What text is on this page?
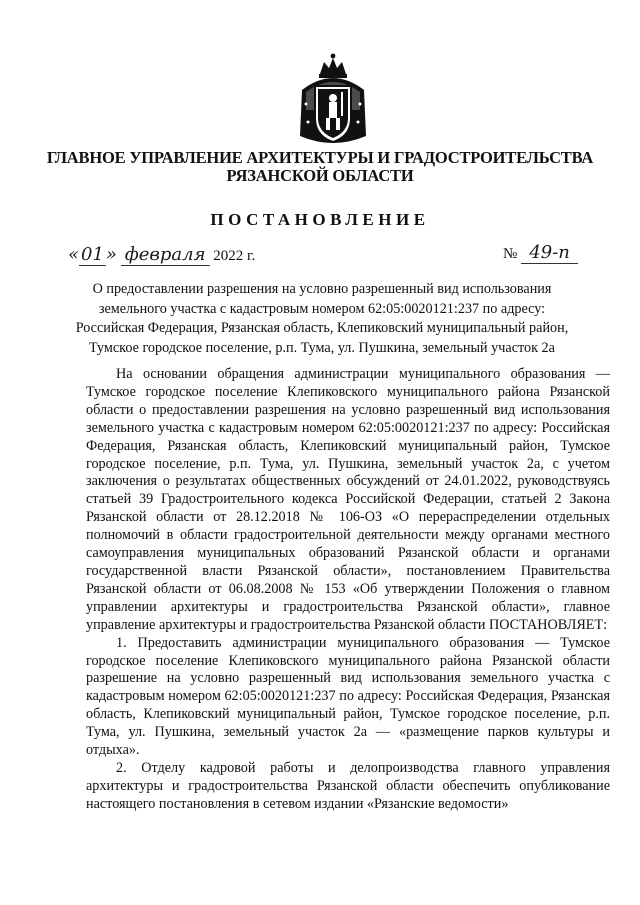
ГЛАВНОЕ УПРАВЛЕНИЕ АРХИТЕКТУРЫ И ГРАДОСТРОИТЕЛЬСТВА
РЯЗАНСКОЙ ОБЛАСТИ
ПОСТАНОВЛЕНИЕ
« 01 » февраля 2022 г.	№ 49-п
О предоставлении разрешения на условно разрешенный вид использования
земельного участка с кадастровым номером 62:05:0020121:237 по адресу:
Российская Федерация, Рязанская область, Клепиковский муниципальный район,
Тумское городское поселение, р.п. Тума, ул. Пушкина, земельный участок 2а

На основании обращения администрации муниципального образования — Тумское городское поселение Клепиковского муниципального района Рязанской области о предоставлении разрешения на условно разрешенный вид использования земельного участка с кадастровым номером 62:05:0020121:237 по адресу: Российская Федерация, Рязанская область, Клепиковский муниципальный район, Тумское городское поселение, р.п. Тума, ул. Пушкина, земельный участок 2а, с учетом заключения о результатах общественных обсуждений от 24.01.2022, руководствуясь статьей 39 Градостроительного кодекса Российской Федерации, статьей 2 Закона Рязанской области от 28.12.2018 № 106-ОЗ «О перераспределении отдельных полномочий в области градостроительной деятельности между органами местного самоуправления муниципальных образований Рязанской области и органами государственной власти Рязанской области», постановлением Правительства Рязанской области от 06.08.2008 № 153 «Об утверждении Положения о главном управлении архитектуры и градостроительства Рязанской области», главное управление архитектуры и градостроительства Рязанской области ПОСТАНОВЛЯЕТ:

1. Предоставить администрации муниципального образования — Тумское городское поселение Клепиковского муниципального района Рязанской области разрешение на условно разрешенный вид использования земельного участка с кадастровым номером 62:05:0020121:237 по адресу: Российская Федерация, Рязанская область, Клепиковский муниципальный район, Тумское городское поселение, р.п. Тума, ул. Пушкина, земельный участок 2а — «размещение парков культуры и отдыха».

2. Отделу кадровой работы и делопроизводства главного управления архитектуры и градостроительства Рязанской области обеспечить опубликование настоящего постановления в сетевом издании «Рязанские ведомости»
